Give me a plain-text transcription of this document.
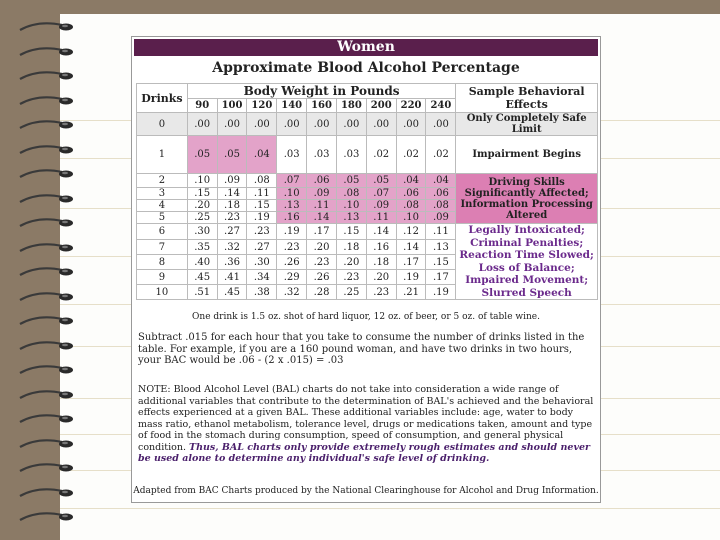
Women
Approximate Blood Alcohol Percentage
Drinks	Body Weight in Pounds									Sample Behavioral Effects
	90	100	120	140	160	180	200	220	240	
0	.00	.00	.00	.00	.00	.00	.00	.00	.00	Only Completely Safe Limit
1	.05	.05	.04	.03	.03	.03	.02	.02	.02	Impairment Begins
2	.10	.09	.08	.07	.06	.05	.05	.04	.04	Driving Skills Significantly Affected; Information Processing Altered
3	.15	.14	.11	.10	.09	.08	.07	.06	.06	
4	.20	.18	.15	.13	.11	.10	.09	.08	.08	
5	.25	.23	.19	.16	.14	.13	.11	.10	.09	
6	.30	.27	.23	.19	.17	.15	.14	.12	.11	Legally Intoxicated; Criminal Penalties; Reaction Time Slowed; Loss of Balance; Impaired Movement; Slurred Speech
7	.35	.32	.27	.23	.20	.18	.16	.14	.13	
8	.40	.36	.30	.26	.23	.20	.18	.17	.15	
9	.45	.41	.34	.29	.26	.23	.20	.19	.17	
10	.51	.45	.38	.32	.28	.25	.23	.21	.19	
One drink is 1.5 oz. shot of hard liquor, 12 oz. of beer, or 5 oz. of table wine.
Subtract .015 for each hour that you take to consume the number of drinks listed in the table. For example, if you are a 160 pound woman, and have two drinks in two hours, your BAC would be .06 - (2 x .015) = .03
NOTE: Blood Alcohol Level (BAL) charts do not take into consideration a wide range of additional variables that contribute to the determination of BAL's achieved and the behavioral effects experienced at a given BAL. These additional variables include: age, water to body mass ratio, ethanol metabolism, tolerance level, drugs or medications taken, amount and type of food in the stomach during consumption, speed of consumption, and general physical condition. Thus, BAL charts only provide extremely rough estimates and should never be used alone to determine any individual's safe level of drinking.
Adapted from BAC Charts produced by the National Clearinghouse for Alcohol and Drug Information.
